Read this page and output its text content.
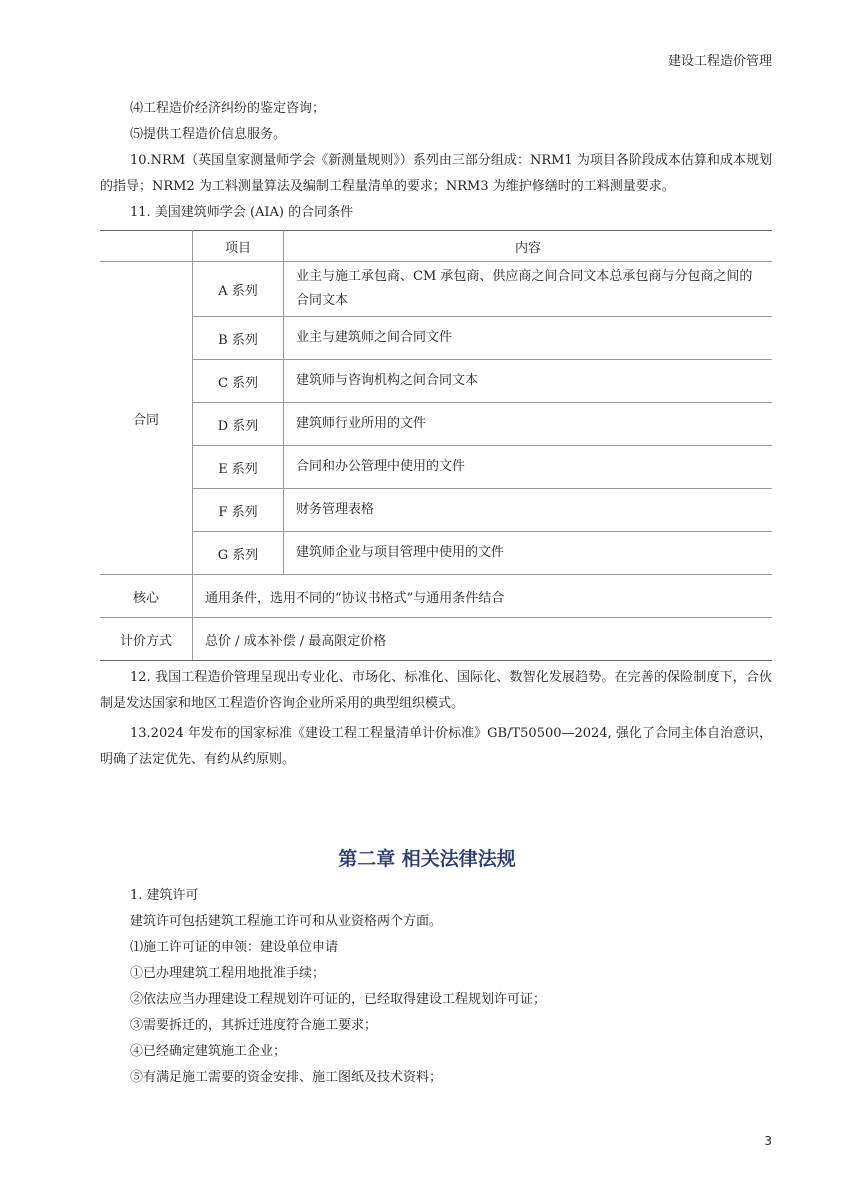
建设工程造价管理

⑷工程造价经济纠纷的鉴定咨询；

⑸提供工程造价信息服务。

10.NRM（英国皇家测量师学会《新测量规则》）系列由三部分组成：NRM1 为项目各阶段成本估算和成本规划的指导；NRM2 为工料测量算法及编制工程量清单的要求；NRM3 为维护修缮时的工料测量要求。

11. 美国建筑师学会 (AIA) 的合同条件

	项目	内容
合同	A 系列	业主与施工承包商、CM 承包商、供应商之间合同文本总承包商与分包商之间的合同文本
	B 系列	业主与建筑师之间合同文件
	C 系列	建筑师与咨询机构之间合同文本
	D 系列	建筑师行业所用的文件
	E 系列	合同和办公管理中使用的文件
	F 系列	财务管理表格
	G 系列	建筑师企业与项目管理中使用的文件
核心	通用条件，选用不同的“协议书格式”与通用条件结合	
计价方式	总价 / 成本补偿 / 最高限定价格	

12. 我国工程造价管理呈现出专业化、市场化、标准化、国际化、数智化发展趋势。在完善的保险制度下，合伙制是发达国家和地区工程造价咨询企业所采用的典型组织模式。

13.2024 年发布的国家标准《建设工程工程量清单计价标准》GB/T50500—2024, 强化了合同主体自治意识，明确了法定优先、有约从约原则。

第二章 相关法律法规

1. 建筑许可

建筑许可包括建筑工程施工许可和从业资格两个方面。

⑴施工许可证的申领：建设单位申请

①已办理建筑工程用地批准手续；

②依法应当办理建设工程规划许可证的，已经取得建设工程规划许可证；

③需要拆迁的，其拆迁进度符合施工要求；

④已经确定建筑施工企业；

⑤有满足施工需要的资金安排、施工图纸及技术资料；

3
